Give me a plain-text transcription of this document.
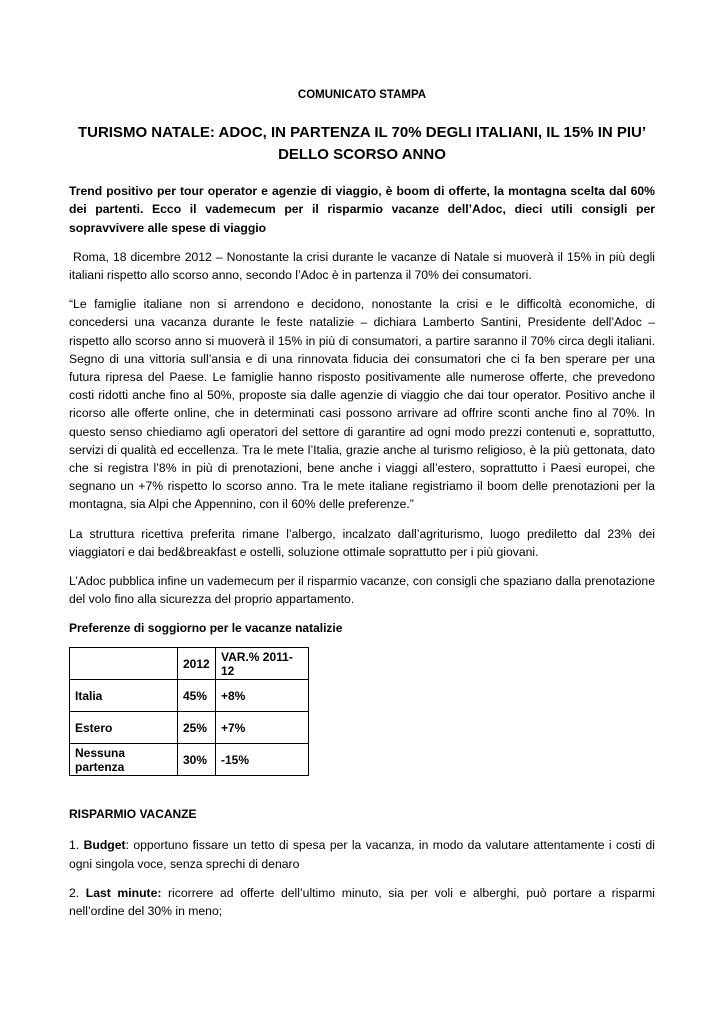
COMUNICATO STAMPA

TURISMO NATALE: ADOC, IN PARTENZA IL 70% DEGLI ITALIANI, IL 15% IN PIU’
DELLO SCORSO ANNO

Trend positivo per tour operator e agenzie di viaggio, è boom di offerte, la montagna scelta dal 60% dei partenti. Ecco il vademecum per il risparmio vacanze dell’Adoc, dieci utili consigli per sopravvivere alle spese di viaggio

Roma, 18 dicembre 2012 – Nonostante la crisi durante le vacanze di Natale si muoverà il 15% in più degli italiani rispetto allo scorso anno, secondo l’Adoc è in partenza il 70% dei consumatori.

“Le famiglie italiane non si arrendono e decidono, nonostante la crisi e le difficoltà economiche, di concedersi una vacanza durante le feste natalizie – dichiara Lamberto Santini, Presidente dell’Adoc – rispetto allo scorso anno si muoverà il 15% in più di consumatori, a partire saranno il 70% circa degli italiani. Segno di una vittoria sull’ansia e di una rinnovata fiducia dei consumatori che ci fa ben sperare per una futura ripresa del Paese. Le famiglie hanno risposto positivamente alle numerose offerte, che prevedono costi ridotti anche fino al 50%, proposte sia dalle agenzie di viaggio che dai tour operator. Positivo anche il ricorso alle offerte online, che in determinati casi possono arrivare ad offrire sconti anche fino al 70%. In questo senso chiediamo agli operatori del settore di garantire ad ogni modo prezzi contenuti e, soprattutto, servizi di qualità ed eccellenza. Tra le mete l’Italia, grazie anche al turismo religioso, è la più gettonata, dato che si registra l’8% in più di prenotazioni, bene anche i viaggi all’estero, soprattutto i Paesi europei, che segnano un +7% rispetto lo scorso anno. Tra le mete italiane registriamo il boom delle prenotazioni per la montagna, sia Alpi che Appennino, con il 60% delle preferenze.”

La struttura ricettiva preferita rimane l’albergo, incalzato dall’agriturismo, luogo prediletto dal 23% dei viaggiatori e dai bed&breakfast e ostelli, soluzione ottimale soprattutto per i più giovani.

L’Adoc pubblica infine un vademecum per il risparmio vacanze, con consigli che spaziano dalla prenotazione del volo fino alla sicurezza del proprio appartamento.

Preferenze di soggiorno per le vacanze natalizie
	2012	VAR.% 2011-12
Italia	45%	+8%
Estero	25%	+7%
Nessuna partenza	30%	-15%
RISPARMIO VACANZE

1. Budget: opportuno fissare un tetto di spesa per la vacanza, in modo da valutare attentamente i costi di ogni singola voce, senza sprechi di denaro

2. Last minute: ricorrere ad offerte dell’ultimo minuto, sia per voli e alberghi, può portare a risparmi nell’ordine del 30% in meno;
